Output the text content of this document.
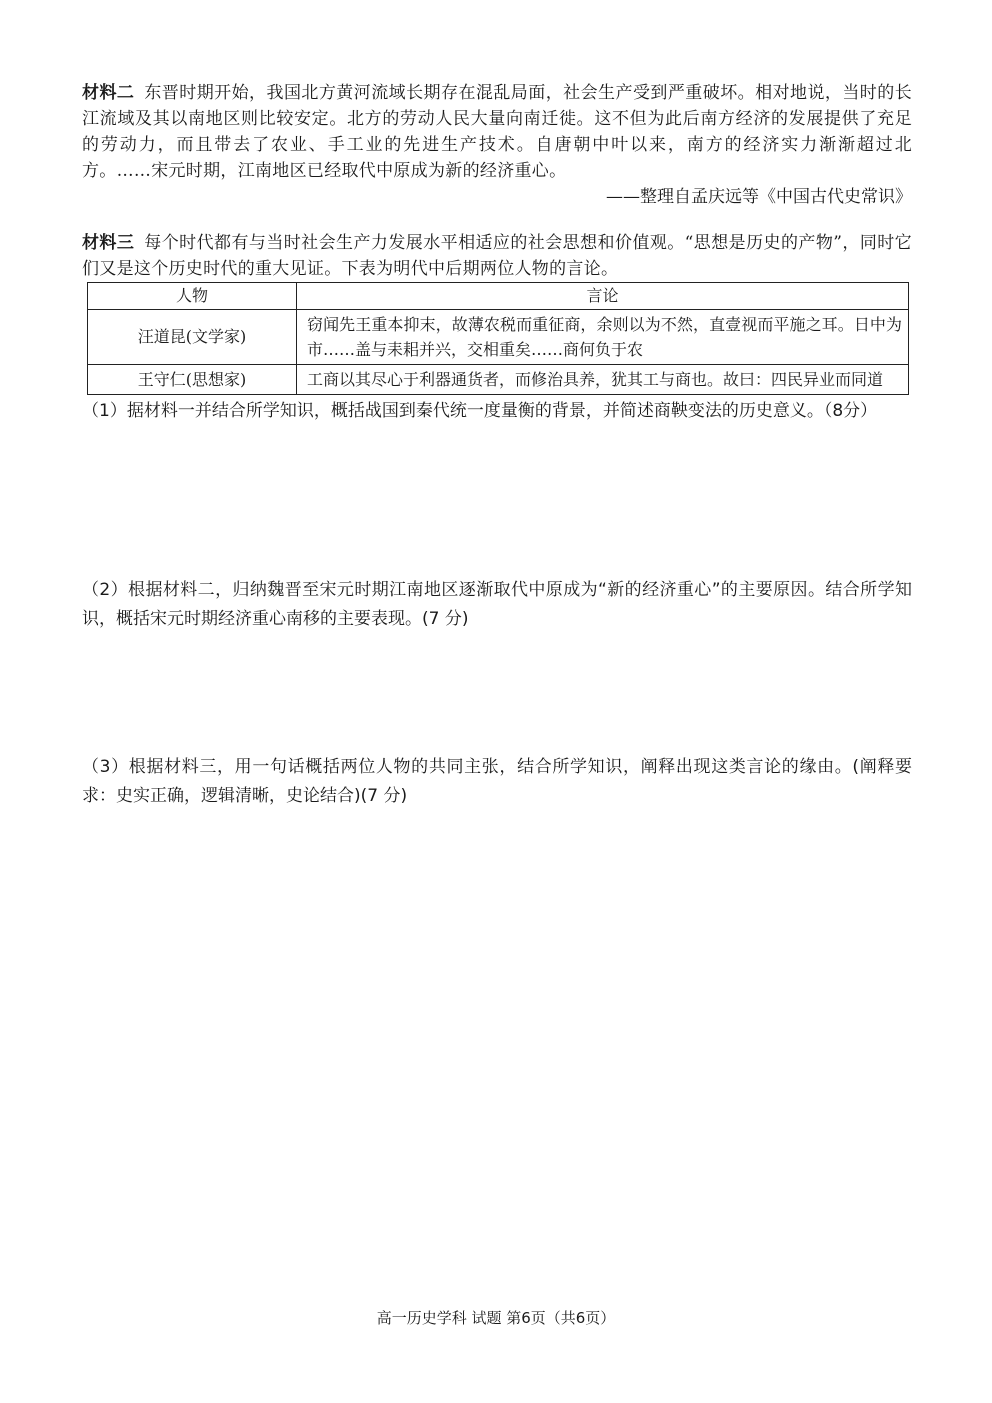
材料二 东晋时期开始，我国北方黄河流域长期存在混乱局面，社会生产受到严重破坏。相对地说，当时的长江流域及其以南地区则比较安定。北方的劳动人民大量向南迁徙。这不但为此后南方经济的发展提供了充足的劳动力，而且带去了农业、手工业的先进生产技术。自唐朝中叶以来，南方的经济实力渐渐超过北方。……宋元时期，江南地区已经取代中原成为新的经济重心。

——整理自孟庆远等《中国古代史常识》

材料三 每个时代都有与当时社会生产力发展水平相适应的社会思想和价值观。“思想是历史的产物”，同时它们又是这个历史时代的重大见证。下表为明代中后期两位人物的言论。

人物	言论
汪道昆(文学家)	窃闻先王重本抑末，故薄农税而重征商，余则以为不然，直壹视而平施之耳。日中为市……盖与耒耜并兴，交相重矣……商何负于农
王守仁(思想家)	工商以其尽心于利器通货者，而修治具养，犹其工与商也。故曰：四民异业而同道

（1）据材料一并结合所学知识，概括战国到秦代统一度量衡的背景，并简述商鞅变法的历史意义。（8分）

（2）根据材料二，归纳魏晋至宋元时期江南地区逐渐取代中原成为“新的经济重心”的主要原因。结合所学知识，概括宋元时期经济重心南移的主要表现。(7 分)

（3）根据材料三，用一句话概括两位人物的共同主张，结合所学知识，阐释出现这类言论的缘由。(阐释要求：史实正确，逻辑清晰，史论结合)(7 分)

高一历史学科 试题 第6页（共6页）
